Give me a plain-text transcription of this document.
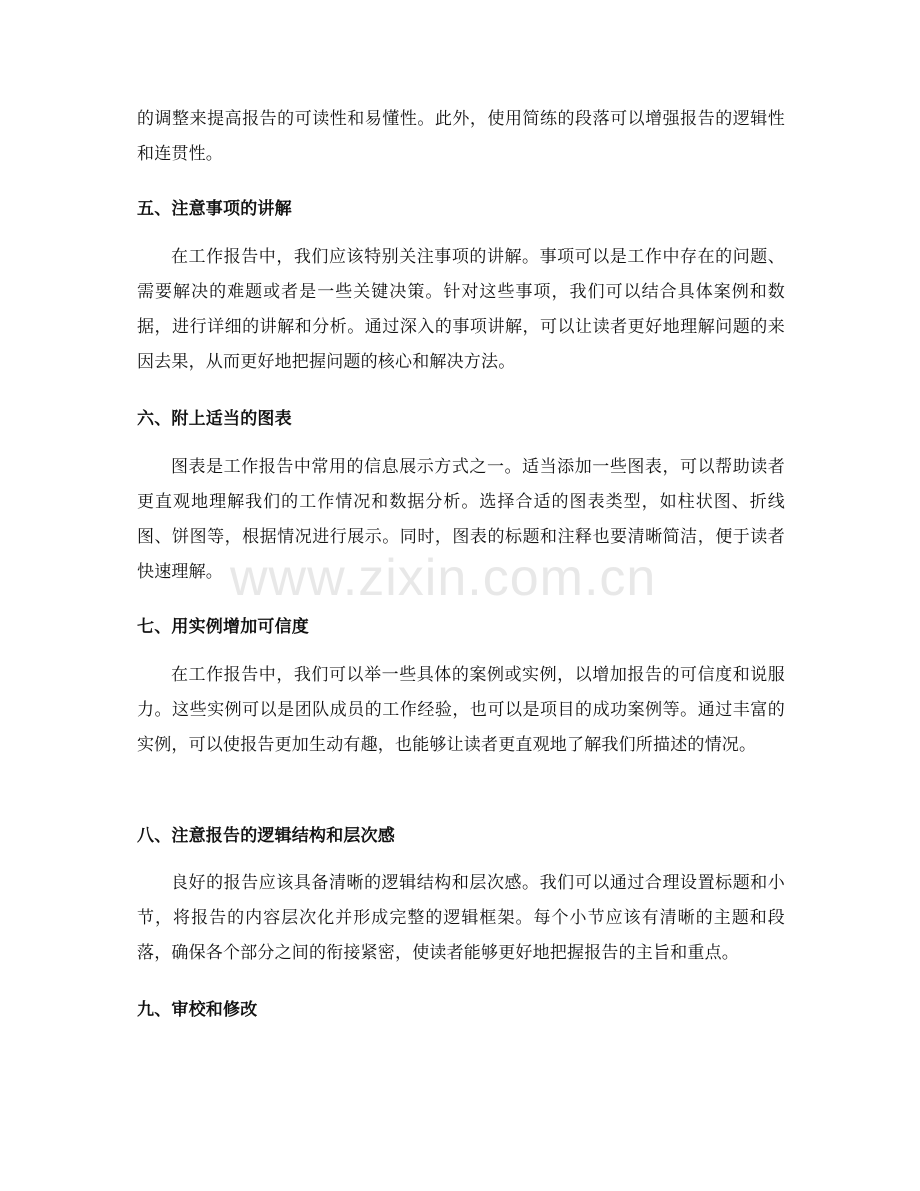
的调整来提高报告的可读性和易懂性。此外，使用简练的段落可以增强报告的逻辑性和连贯性。
五、注意事项的讲解
在工作报告中，我们应该特别关注事项的讲解。事项可以是工作中存在的问题、需要解决的难题或者是一些关键决策。针对这些事项，我们可以结合具体案例和数据，进行详细的讲解和分析。通过深入的事项讲解，可以让读者更好地理解问题的来因去果，从而更好地把握问题的核心和解决方法。
六、附上适当的图表
图表是工作报告中常用的信息展示方式之一。适当添加一些图表，可以帮助读者更直观地理解我们的工作情况和数据分析。选择合适的图表类型，如柱状图、折线图、饼图等，根据情况进行展示。同时，图表的标题和注释也要清晰简洁，便于读者快速理解。
七、用实例增加可信度
在工作报告中，我们可以举一些具体的案例或实例，以增加报告的可信度和说服力。这些实例可以是团队成员的工作经验，也可以是项目的成功案例等。通过丰富的实例，可以使报告更加生动有趣，也能够让读者更直观地了解我们所描述的情况。
八、注意报告的逻辑结构和层次感
良好的报告应该具备清晰的逻辑结构和层次感。我们可以通过合理设置标题和小节，将报告的内容层次化并形成完整的逻辑框架。每个小节应该有清晰的主题和段落，确保各个部分之间的衔接紧密，使读者能够更好地把握报告的主旨和重点。
九、审校和修改
www.zixin.com.cn
